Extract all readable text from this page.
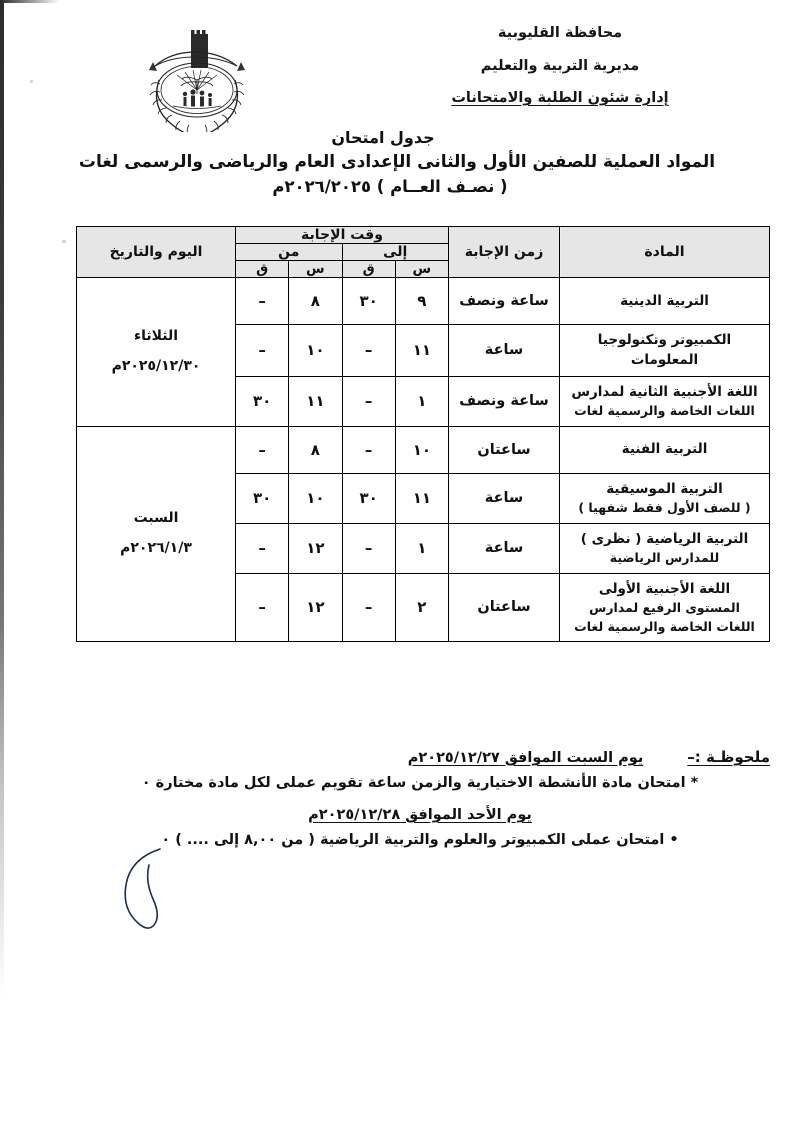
محافظة القليوبية
مديرية التربية والتعليم
إدارة شئون الطلبة والامتحانات
جدول امتحان
المواد العملية للصفين الأول والثانى الإعدادى العام والرياضى والرسمى لغات
( نصـف العــام ) ٢٠٢٦/٢٠٢٥م
المادة	زمن الإجابة	وقت الإجابة				اليوم والتاريخ
		إلى		من		
		س	ق	س	ق	
التربية الدينية	ساعة ونصف	٩	٣٠	٨	–	الثلاثاء
٢٠٢٥/١٢/٣٠م
الكمبيوتر وتكنولوجيا المعلومات	ساعة	١١	–	١٠	–	
اللغة الأجنبية الثانية لمدارس
اللغات الخاصة والرسمية لغات	ساعة ونصف	١	–	١١	٣٠	
التربية الفنية	ساعتان	١٠	–	٨	–	السبت
٢٠٢٦/١/٣م
التربية الموسيقية
( للصف الأول فقط شفهيا )	ساعة	١١	٣٠	١٠	٣٠	
التربية الرياضية ( نظرى )
للمدارس الرياضية	ساعة	١	–	١٢	–	
اللغة الأجنبية الأولى
المستوى الرفيع لمدارس
اللغات الخاصة والرسمية لغات	ساعتان	٢	–	١٢	–	
ملحوظـة :–
يوم السبت الموافق ٢٠٢٥/١٢/٢٧م
* امتحان مادة الأنشطة الاختيارية والزمن ساعة تقويم عملى لكل مادة مختارة ٠
يوم الأحد الموافق ٢٠٢٥/١٢/٢٨م
• امتحان عملى الكمبيوتر والعلوم والتربية الرياضية ( من ٨,٠٠ إلى .... ) ٠
